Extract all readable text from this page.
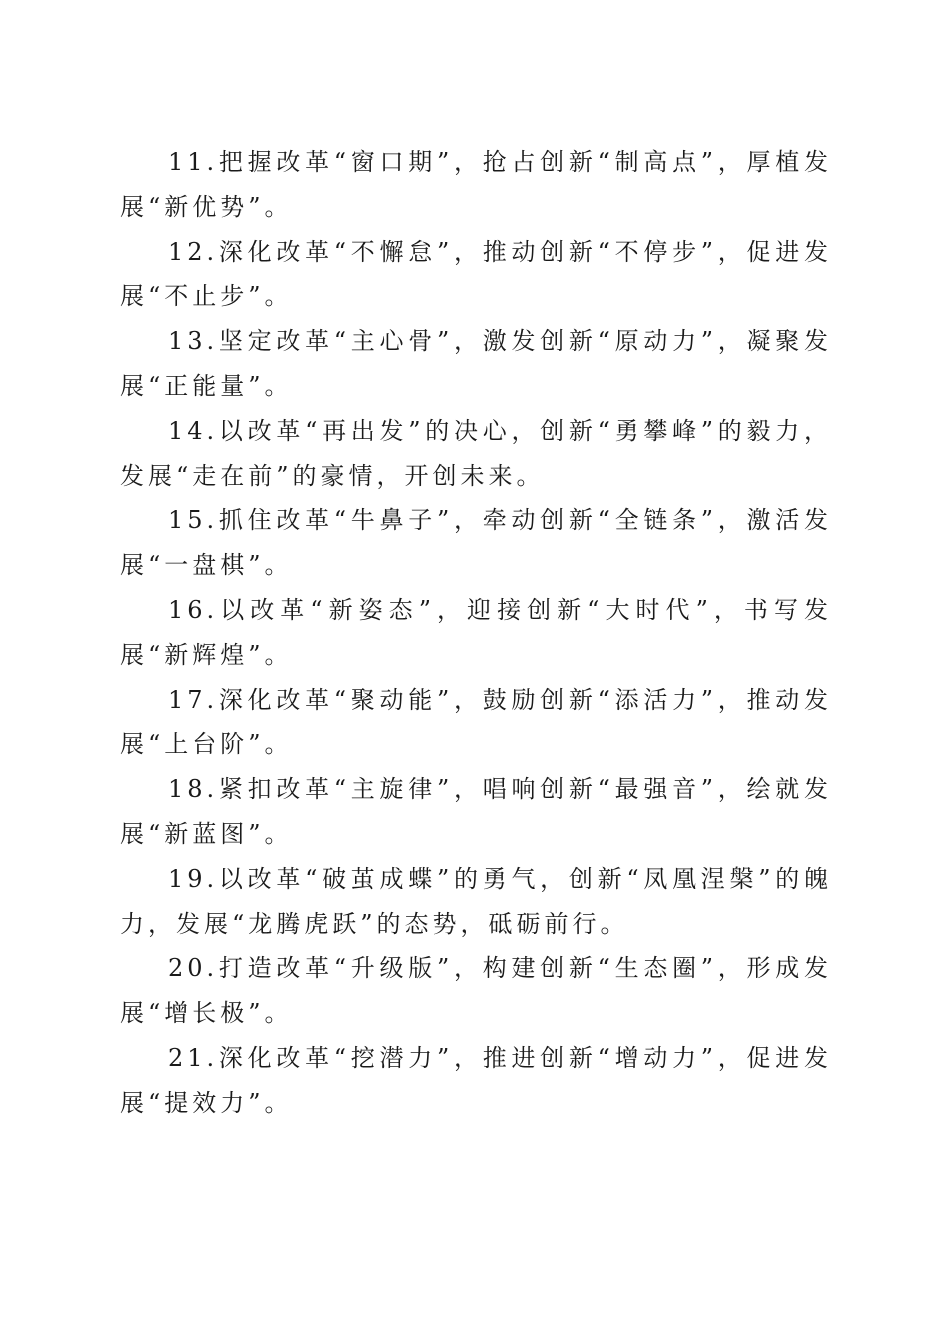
11.把握改革“窗口期”，抢占创新“制高点”，厚植发展“新优势”。

12.深化改革“不懈怠”，推动创新“不停步”，促进发展“不止步”。

13.坚定改革“主心骨”，激发创新“原动力”，凝聚发展“正能量”。

14.以改革“再出发”的决心，创新“勇攀峰”的毅力，发展“走在前”的豪情，开创未来。

15.抓住改革“牛鼻子”，牵动创新“全链条”，激活发展“一盘棋”。

16.以改革“新姿态”，迎接创新“大时代”，书写发展“新辉煌”。

17.深化改革“聚动能”，鼓励创新“添活力”，推动发展“上台阶”。

18.紧扣改革“主旋律”，唱响创新“最强音”，绘就发展“新蓝图”。

19.以改革“破茧成蝶”的勇气，创新“凤凰涅槃”的魄力，发展“龙腾虎跃”的态势，砥砺前行。

20.打造改革“升级版”，构建创新“生态圈”，形成发展“增长极”。

21.深化改革“挖潜力”，推进创新“增动力”，促进发展“提效力”。
